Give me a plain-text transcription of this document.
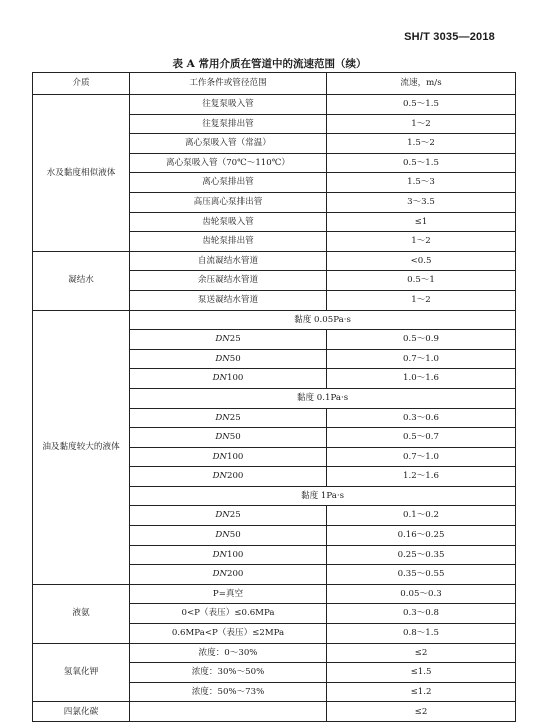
SH/T 3035—2018
表 A 常用介质在管道中的流速范围（续）
介质	工作条件或管径范围	流速，m/s
水及黏度相似液体	往复泵吸入管	0.5～1.5
	往复泵排出管	1～2
	离心泵吸入管（常温）	1.5～2
	离心泵吸入管（70℃～110℃）	0.5～1.5
	离心泵排出管	1.5～3
	高压离心泵排出管	3～3.5
	齿轮泵吸入管	≤1
	齿轮泵排出管	1～2
凝结水	自流凝结水管道	<0.5
	余压凝结水管道	0.5～1
	泵送凝结水管道	1～2
油及黏度较大的液体	黏度 0.05Pa·s	
	DN25	0.5～0.9
	DN50	0.7～1.0
	DN100	1.0～1.6
	黏度 0.1Pa·s	
	DN25	0.3～0.6
	DN50	0.5～0.7
	DN100	0.7～1.0
	DN200	1.2～1.6
	黏度 1Pa·s	
	DN25	0.1～0.2
	DN50	0.16～0.25
	DN100	0.25～0.35
	DN200	0.35～0.55
液氨	P=真空	0.05～0.3
	0<P（表压）≤0.6MPa	0.3～0.8
	0.6MPa<P（表压）≤2MPa	0.8～1.5
氢氧化钾	浓度：0～30%	≤2
	浓度：30%～50%	≤1.5
	浓度：50%～73%	≤1.2
四氯化碳		≤2
